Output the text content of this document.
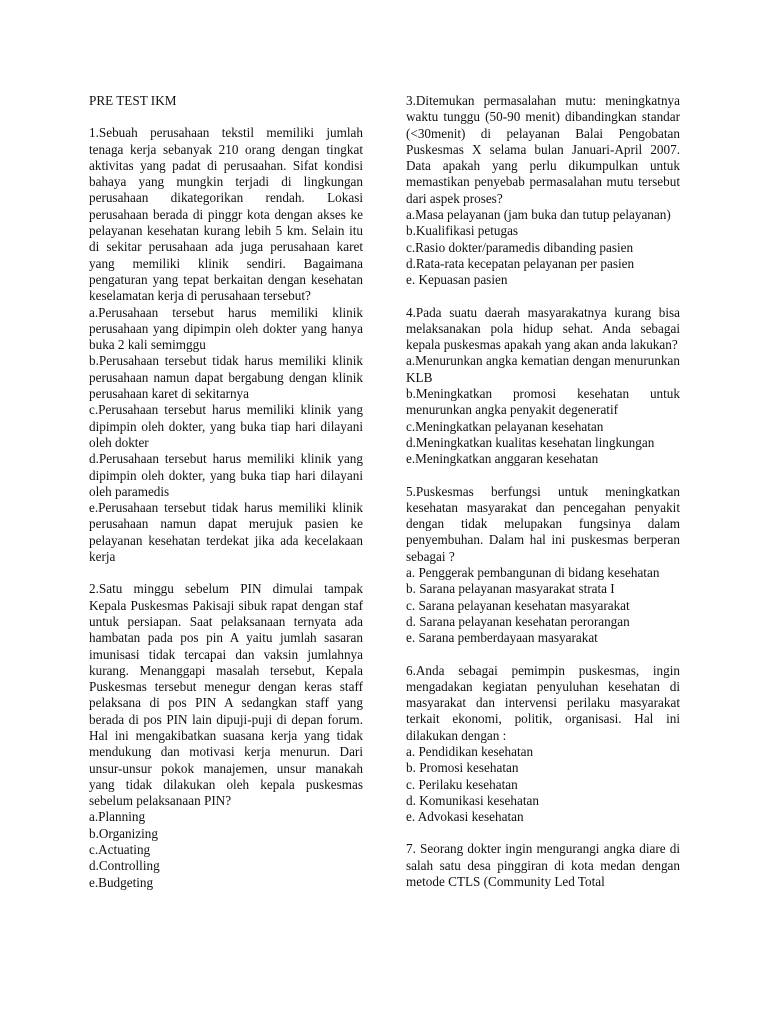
PRE TEST IKM

1.Sebuah perusahaan tekstil memiliki jumlah tenaga kerja sebanyak 210 orang dengan tingkat aktivitas yang padat di perusaahan. Sifat kondisi bahaya yang mungkin terjadi di lingkungan perusahaan dikategorikan rendah. Lokasi perusahaan berada di pinggr kota dengan akses ke pelayanan kesehatan kurang lebih 5 km. Selain itu di sekitar perusahaan ada juga perusahaan karet yang memiliki klinik sendiri. Bagaimana pengaturan yang tepat berkaitan dengan kesehatan keselamatan kerja di perusahaan tersebut?

a.Perusahaan tersebut harus memiliki klinik perusahaan yang dipimpin oleh dokter yang hanya buka 2 kali semimggu
b.Perusahaan tersebut tidak harus memiliki klinik perusahaan namun dapat bergabung dengan klinik perusahaan karet di sekitarnya
c.Perusahaan tersebut harus memiliki klinik yang dipimpin oleh dokter, yang buka tiap hari dilayani oleh dokter
d.Perusahaan tersebut harus memiliki klinik yang dipimpin oleh dokter, yang buka tiap hari dilayani oleh paramedis
e.Perusahaan tersebut tidak harus memiliki klinik perusahaan namun dapat merujuk pasien ke pelayanan kesehatan terdekat jika ada kecelakaan kerja

2.Satu minggu sebelum PIN dimulai tampak Kepala Puskesmas Pakisaji sibuk rapat dengan staf untuk persiapan. Saat pelaksanaan ternyata ada hambatan pada pos pin A yaitu jumlah sasaran imunisasi tidak tercapai dan vaksin jumlahnya kurang. Menanggapi masalah tersebut, Kepala Puskesmas tersebut menegur dengan keras staff pelaksana di pos PIN A sedangkan staff yang berada di pos PIN lain dipuji-puji di depan forum. Hal ini mengakibatkan suasana kerja yang tidak mendukung dan motivasi kerja menurun. Dari unsur-unsur pokok manajemen, unsur manakah yang tidak dilakukan oleh kepala puskesmas sebelum pelaksanaan PIN?

a.Planning
b.Organizing
c.Actuating
d.Controlling
e.Budgeting

3.Ditemukan permasalahan mutu: meningkatnya waktu tunggu (50-90 menit) dibandingkan standar (<30menit) di pelayanan Balai Pengobatan Puskesmas X selama bulan Januari-April 2007. Data apakah yang perlu dikumpulkan untuk memastikan penyebab permasalahan mutu tersebut dari aspek proses?

a.Masa pelayanan (jam buka dan tutup pelayanan)
b.Kualifikasi petugas
c.Rasio dokter/paramedis dibanding pasien
d.Rata-rata kecepatan pelayanan per pasien
e. Kepuasan pasien

4.Pada suatu daerah masyarakatnya kurang bisa melaksanakan pola hidup sehat. Anda sebagai kepala puskesmas apakah yang akan anda lakukan?

a.Menurunkan angka kematian dengan menurunkan KLB
b.Meningkatkan promosi kesehatan untuk menurunkan angka penyakit degeneratif
c.Meningkatkan pelayanan kesehatan
d.Meningkatkan kualitas kesehatan lingkungan
e.Meningkatkan anggaran kesehatan

5.Puskesmas berfungsi untuk meningkatkan kesehatan masyarakat dan pencegahan penyakit dengan tidak melupakan fungsinya dalam penyembuhan. Dalam hal ini puskesmas berperan sebagai ?

a. Penggerak pembangunan di bidang kesehatan
b. Sarana pelayanan masyarakat strata I
c. Sarana pelayanan kesehatan masyarakat
d. Sarana pelayanan kesehatan perorangan
e. Sarana pemberdayaan masyarakat

6.Anda sebagai pemimpin puskesmas, ingin mengadakan kegiatan penyuluhan kesehatan di masyarakat dan intervensi perilaku masyarakat terkait ekonomi, politik, organisasi. Hal ini dilakukan dengan :

a. Pendidikan kesehatan
b. Promosi kesehatan
c. Perilaku kesehatan
d. Komunikasi kesehatan
e. Advokasi kesehatan

7. Seorang dokter ingin mengurangi angka diare di salah satu desa pinggiran di kota medan dengan metode CTLS (Community Led Total
